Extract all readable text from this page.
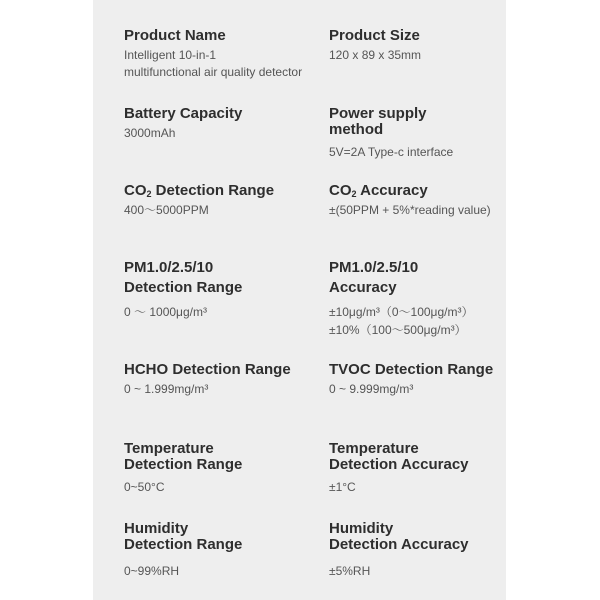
Product Name
Intelligent 10-in-1
multifunctional air quality detector
Product Size
120 x 89 x 35mm
Battery Capacity
3000mAh
Power supply
method
5V=2A Type-c interface
$CO_2$ Detection Range
400～5000PPM
$CO_2$ Accuracy
±(50PPM + 5%*reading value)
PM1.0/2.5/10
Detection Range
0 ～ 1000μg/m³
PM1.0/2.5/10
Accuracy
±10μg/m³（0～100μg/m³）
±10%（100～500μg/m³）
HCHO Detection Range
0 ~ 1.999mg/m³
TVOC Detection Range
0 ~ 9.999mg/m³
Temperature
Detection Range
0~50°C
Temperature
Detection Accuracy
±1°C
Humidity
Detection Range
0~99%RH
Humidity
Detection Accuracy
±5%RH
